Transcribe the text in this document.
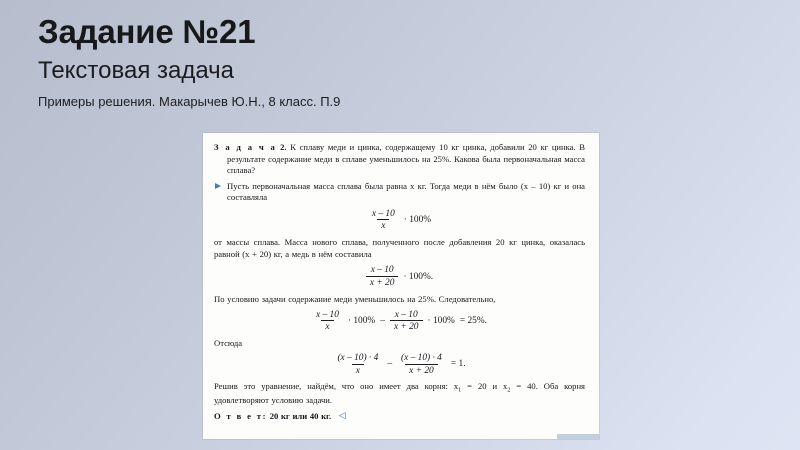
Задание №21
Текстовая задача

Примеры решения. Макарычев Ю.Н., 8 класс. П.9

З а д а ч а 2. К сплаву меди и цинка, содержащему 10 кг цинка, добавили 20 кг цинка. В результате содержание меди в сплаве уменьшилось на 25%. Какова была первоначальная масса сплава?

Пусть первоначальная масса сплава была равна x кг. Тогда меди в нём было (x – 10) кг и она составляла

$\frac{x - 10}{x} \cdot 100\%$

от массы сплава. Масса нового сплава, полученного после добавления 20 кг цинка, оказалась равной (x + 20) кг, а медь в нём составила

$\frac{x - 10}{x + 20} \cdot 100\%$.

По условию задачи содержание меди уменьшилось на 25%. Следовательно,

$\frac{x - 10}{x} \cdot 100\% - \frac{x - 10}{x + 20} \cdot 100\% = 25\%$.

Отсюда

$\frac{(x - 10) \cdot 4}{x} - \frac{(x - 10) \cdot 4}{x + 20} = 1$.

Решив это уравнение, найдём, что оно имеет два корня: $x_1 = 20$ и $x_2 = 40$. Оба корня удовлетворяют условию задачи.

О т в е т: 20 кг или 40 кг. ◁
